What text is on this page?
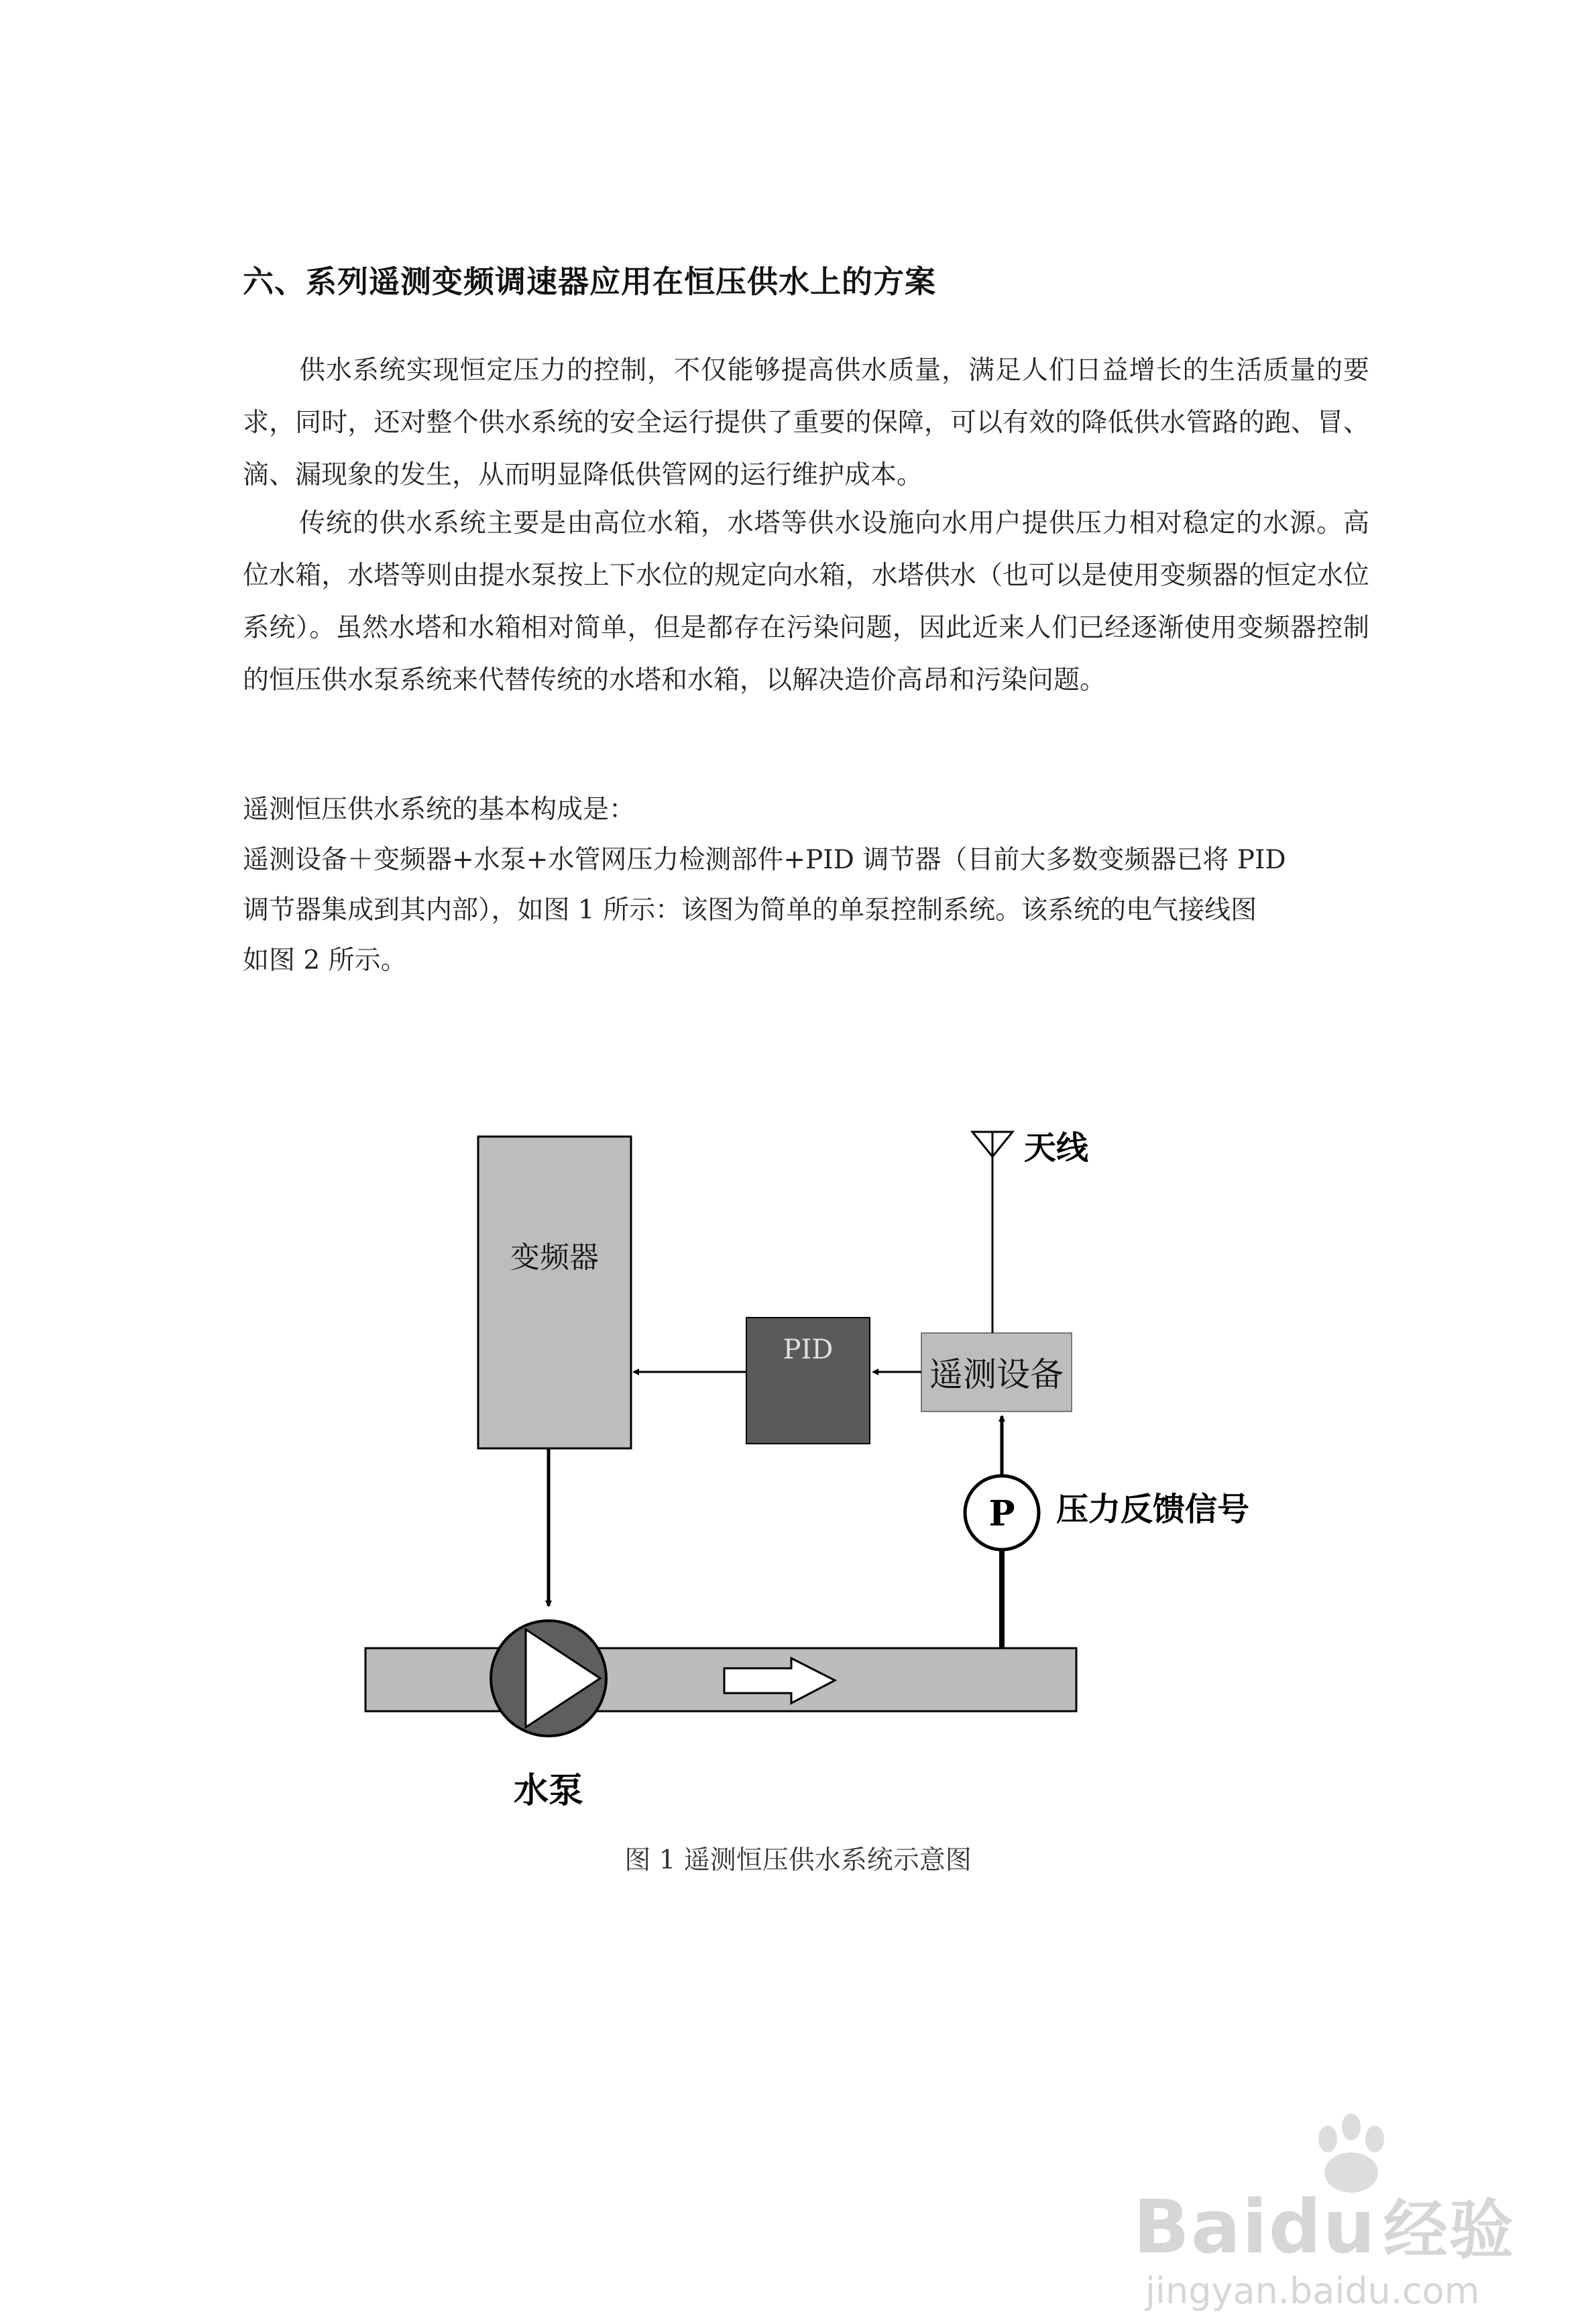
六、系列遥测变频调速器应用在恒压供水上的方案

供水系统实现恒定压力的控制，不仅能够提高供水质量，满足人们日益增长的生活质量的要求，同时，还对整个供水系统的安全运行提供了重要的保障，可以有效的降低供水管路的跑、冒、滴、漏现象的发生，从而明显降低供管网的运行维护成本。

传统的供水系统主要是由高位水箱，水塔等供水设施向水用户提供压力相对稳定的水源。高位水箱，水塔等则由提水泵按上下水位的规定向水箱，水塔供水（也可以是使用变频器的恒定水位系统）。虽然水塔和水箱相对简单，但是都存在污染问题，因此近来人们已经逐渐使用变频器控制的恒压供水泵系统来代替传统的水塔和水箱，以解决造价高昂和污染问题。

遥测恒压供水系统的基本构成是：
遥测设备＋变频器+水泵+水管网压力检测部件+PID 调节器（目前大多数变频器已将 PID
调节器集成到其内部），如图 1 所示：该图为简单的单泵控制系统。该系统的电气接线图
如图 2 所示。
变频器
PID
遥测设备
天线
P 压力反馈信号
水泵
图 1 遥测恒压供水系统示意图
Baidu 经验
jingyan.baidu.com
